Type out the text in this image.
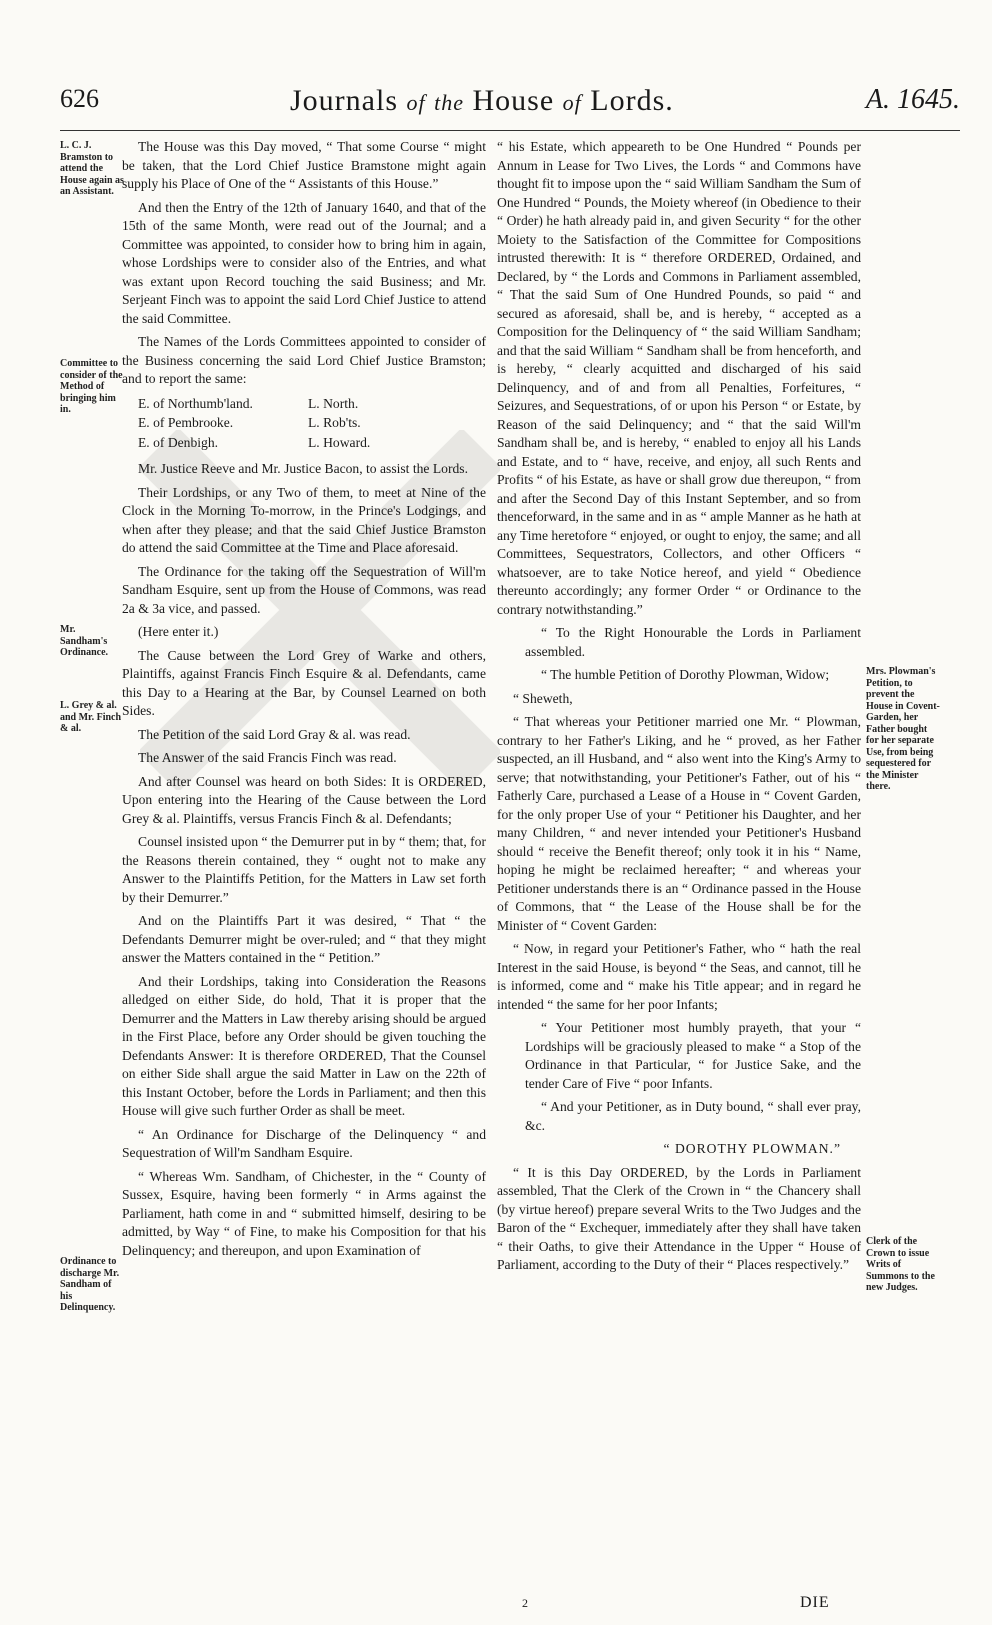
626	Journals of the House of Lords.	A. 1645.
L. C. J. Bramston to attend the House again as an Assistant.
Committee to consider of the Method of bringing him in.
Mr. Sandham's Ordinance.
L. Grey & al. and Mr. Finch & al.
Ordinance to discharge Mr. Sandham of his Delinquency.
Mrs. Plowman's Petition, to prevent the House in Covent-Garden, her Father bought for her separate Use, from being sequestered for the Minister there.
Clerk of the Crown to issue Writs of Summons to the new Judges.

The House was this Day moved, “ That some Course “ might be taken, that the Lord Chief Justice Bramstone might again supply his Place of One of the “ Assistants of this House.”

And then the Entry of the 12th of January 1640, and that of the 15th of the same Month, were read out of the Journal; and a Committee was appointed, to consider how to bring him in again, whose Lordships were to consider also of the Entries, and what was extant upon Record touching the said Business; and Mr. Serjeant Finch was to appoint the said Lord Chief Justice to attend the said Committee.

The Names of the Lords Committees appointed to consider of the Business concerning the said Lord Chief Justice Bramston; and to report the same:

E. of Northumb'land.	L. North.
E. of Pembrooke.	L. Rob'ts.
E. of Denbigh.	L. Howard.

Mr. Justice Reeve and Mr. Justice Bacon, to assist the Lords.

Their Lordships, or any Two of them, to meet at Nine of the Clock in the Morning To-morrow, in the Prince's Lodgings, and when after they please; and that the said Chief Justice Bramston do attend the said Committee at the Time and Place aforesaid.

The Ordinance for the taking off the Sequestration of Will'm Sandham Esquire, sent up from the House of Commons, was read 2a & 3a vice, and passed.

(Here enter it.)

The Cause between the Lord Grey of Warke and others, Plaintiffs, against Francis Finch Esquire & al. Defendants, came this Day to a Hearing at the Bar, by Counsel Learned on both Sides.

The Petition of the said Lord Gray & al. was read.

The Answer of the said Francis Finch was read.

And after Counsel was heard on both Sides: It is ORDERED, Upon entering into the Hearing of the Cause between the Lord Grey & al. Plaintiffs, versus Francis Finch & al. Defendants;

Counsel insisted upon “ the Demurrer put in by “ them; that, for the Reasons therein contained, they “ ought not to make any Answer to the Plaintiffs Petition, for the Matters in Law set forth by their Demurrer.”

And on the Plaintiffs Part it was desired, “ That “ the Defendants Demurrer might be over-ruled; and “ that they might answer the Matters contained in the “ Petition.”

And their Lordships, taking into Consideration the Reasons alledged on either Side, do hold, That it is proper that the Demurrer and the Matters in Law thereby arising should be argued in the First Place, before any Order should be given touching the Defendants Answer: It is therefore ORDERED, That the Counsel on either Side shall argue the said Matter in Law on the 22th of this Instant October, before the Lords in Parliament; and then this House will give such further Order as shall be meet.

“ An Ordinance for Discharge of the Delinquency “ and Sequestration of Will'm Sandham Esquire.

“ Whereas Wm. Sandham, of Chichester, in the “ County of Sussex, Esquire, having been formerly “ in Arms against the Parliament, hath come in and “ submitted himself, desiring to be admitted, by Way “ of Fine, to make his Composition for that his Delinquency; and thereupon, and upon Examination of

“ his Estate, which appeareth to be One Hundred “ Pounds per Annum in Lease for Two Lives, the Lords “ and Commons have thought fit to impose upon the “ said William Sandham the Sum of One Hundred “ Pounds, the Moiety whereof (in Obedience to their “ Order) he hath already paid in, and given Security “ for the other Moiety to the Satisfaction of the Committee for Compositions intrusted therewith: It is “ therefore ORDERED, Ordained, and Declared, by “ the Lords and Commons in Parliament assembled, “ That the said Sum of One Hundred Pounds, so paid “ and secured as aforesaid, shall be, and is hereby, “ accepted as a Composition for the Delinquency of “ the said William Sandham; and that the said William “ Sandham shall be from henceforth, and is hereby, “ clearly acquitted and discharged of his said Delinquency, and of and from all Penalties, Forfeitures, “ Seizures, and Sequestrations, of or upon his Person “ or Estate, by Reason of the said Delinquency; and “ that the said Will'm Sandham shall be, and is hereby, “ enabled to enjoy all his Lands and Estate, and to “ have, receive, and enjoy, all such Rents and Profits “ of his Estate, as have or shall grow due thereupon, “ from and after the Second Day of this Instant September, and so from thenceforward, in the same and in as “ ample Manner as he hath at any Time heretofore “ enjoyed, or ought to enjoy, the same; and all Committees, Sequestrators, Collectors, and other Officers “ whatsoever, are to take Notice hereof, and yield “ Obedience thereunto accordingly; any former Order “ or Ordinance to the contrary notwithstanding.”

“ To the Right Honourable the Lords in Parliament assembled.

“ The humble Petition of Dorothy Plowman, Widow;

“ Sheweth,

“ That whereas your Petitioner married one Mr. “ Plowman, contrary to her Father's Liking, and he “ proved, as her Father suspected, an ill Husband, and “ also went into the King's Army to serve; that notwithstanding, your Petitioner's Father, out of his “ Fatherly Care, purchased a Lease of a House in “ Covent Garden, for the only proper Use of your “ Petitioner his Daughter, and her many Children, “ and never intended your Petitioner's Husband should “ receive the Benefit thereof; only took it in his “ Name, hoping he might be reclaimed hereafter; “ and whereas your Petitioner understands there is an “ Ordinance passed in the House of Commons, that “ the Lease of the House shall be for the Minister of “ Covent Garden:

“ Now, in regard your Petitioner's Father, who “ hath the real Interest in the said House, is beyond “ the Seas, and cannot, till he is informed, come and “ make his Title appear; and in regard he intended “ the same for her poor Infants;

“ Your Petitioner most humbly prayeth, that your “ Lordships will be graciously pleased to make “ a Stop of the Ordinance in that Particular, “ for Justice Sake, and the tender Care of Five “ poor Infants.

“ And your Petitioner, as in Duty bound, “ shall ever pray, &c.

“ DOROTHY PLOWMAN.”

“ It is this Day ORDERED, by the Lords in Parliament assembled, That the Clerk of the Crown in “ the Chancery shall (by virtue hereof) prepare several Writs to the Two Judges and the Baron of the “ Exchequer, immediately after they shall have taken “ their Oaths, to give their Attendance in the Upper “ House of Parliament, according to the Duty of their “ Places respectively.”

2	DIE
